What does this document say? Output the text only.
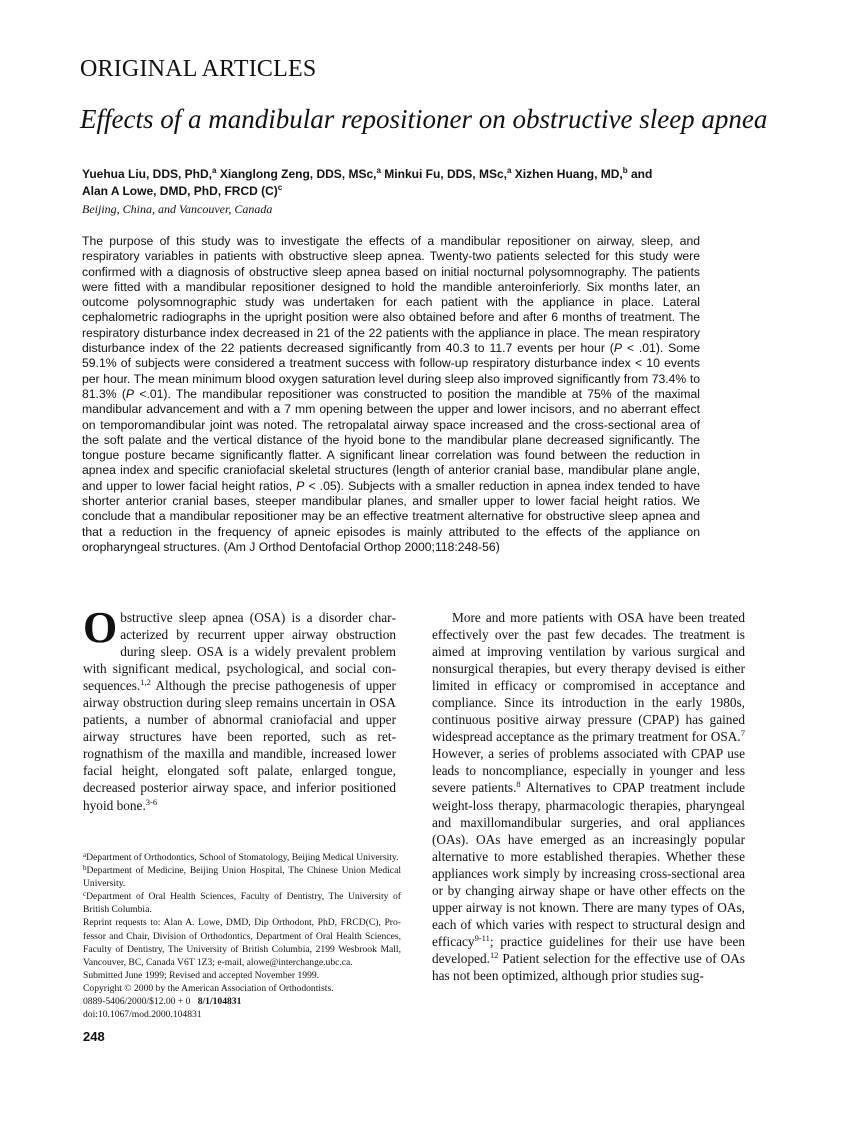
ORIGINAL ARTICLES
Effects of a mandibular repositioner on obstructive sleep apnea
Yuehua Liu, DDS, PhD,$^a$ Xianglong Zeng, DDS, MSc,$^a$ Minkui Fu, DDS, MSc,$^a$ Xizhen Huang, MD,$^b$ and
Alan A Lowe, DMD, PhD, FRCD $(C)^c$
Beijing, China, and Vancouver, Canada
The purpose of this study was to investigate the effects of a mandibular repositioner on airway, sleep, and respiratory variables in patients with obstructive sleep apnea. Twenty-two patients selected for this study were confirmed with a diagnosis of obstructive sleep apnea based on initial nocturnal polysomnography. The patients were fitted with a mandibular repositioner designed to hold the mandible anteroinferiorly. Six months later, an outcome polysomnographic study was undertaken for each patient with the appliance in place. Lateral cephalometric radiographs in the upright position were also obtained before and after 6 months of treatment. The respiratory disturbance index decreased in 21 of the 22 patients with the appliance in place. The mean respiratory disturbance index of the 22 patients decreased significantly from 40.3 to 11.7 events per hour (P < .01). Some 59.1% of subjects were considered a treatment success with follow-up respiratory disturbance index < 10 events per hour. The mean minimum blood oxygen saturation level during sleep also improved significantly from 73.4% to 81.3% (P <.01). The mandibular repositioner was constructed to position the mandible at 75% of the maximal mandibular advancement and with a 7 mm opening between the upper and lower incisors, and no aberrant effect on temporomandibular joint was noted. The retropalatal airway space increased and the cross-sectional area of the soft palate and the vertical distance of the hyoid bone to the mandibular plane decreased significantly. The tongue posture became significantly flatter. A significant linear correlation was found between the reduction in apnea index and specific craniofacial skeletal structures (length of anterior cranial base, mandibular plane angle, and upper to lower facial height ratios, P < .05). Subjects with a smaller reduction in apnea index tended to have shorter anterior cranial bases, steeper mandibular planes, and smaller upper to lower facial height ratios. We conclude that a mandibular repositioner may be an effective treatment alternative for obstructive sleep apnea and that a reduction in the frequency of apneic episodes is mainly attributed to the effects of the appliance on oropharyngeal structures. (Am J Orthod Dentofacial Orthop 2000;118:248-56)

Obstructive sleep apnea (OSA) is a disorder characterized by recurrent upper airway obstruction during sleep. OSA is a widely prevalent problem with significant medical, psychological, and social consequences.$^{1,2}$ Although the precise pathogenesis of upper airway obstruction during sleep remains uncertain in OSA patients, a number of abnormal craniofacial and upper airway structures have been reported, such as retrognathism of the maxilla and mandible, increased lower facial height, elongated soft palate, enlarged tongue, decreased posterior airway space, and inferior positioned hyoid bone.$^{3-6}$

More and more patients with OSA have been treated effectively over the past few decades. The treatment is aimed at improving ventilation by various surgical and nonsurgical therapies, but every therapy devised is either limited in efficacy or compromised in acceptance and compliance. Since its introduction in the early 1980s, continuous positive airway pressure (CPAP) has gained widespread acceptance as the primary treatment for OSA.$^7$ However, a series of problems associated with CPAP use leads to noncompliance, especially in younger and less severe patients.$^8$ Alternatives to CPAP treatment include weight-loss therapy, pharmacologic therapies, pharyngeal and maxillomandibular surgeries, and oral appliances (OAs). OAs have emerged as an increasingly popular alternative to more established therapies. Whether these appliances work simply by increasing cross-sectional area or by changing airway shape or have other effects on the upper airway is not known. There are many types of OAs, each of which varies with respect to structural design and efficacy$^{9-11}$; practice guidelines for their use have been developed.$^{12}$ Patient selection for the effective use of OAs has not been optimized, although prior studies sug-

$^a$Department of Orthodontics, School of Stomatology, Beijing Medical University.
$^b$Department of Medicine, Beijing Union Hospital, The Chinese Union Medical University.
$^c$Department of Oral Health Sciences, Faculty of Dentistry, The University of British Columbia.
Reprint requests to: Alan A. Lowe, DMD, Dip Orthodont, PhD, FRCD(C), Professor and Chair, Division of Orthodontics, Department of Oral Health Sciences, Faculty of Dentistry, The University of British Columbia, 2199 Wesbrook Mall, Vancouver, BC, Canada V6T 1Z3; e-mail, alowe@interchange.ubc.ca.
Submitted June 1999; Revised and accepted November 1999.
Copyright © 2000 by the American Association of Orthodontists.
0889-5406/2000/$12.00 + 0 8/1/104831
doi:10.1067/mod.2000.104831
248
